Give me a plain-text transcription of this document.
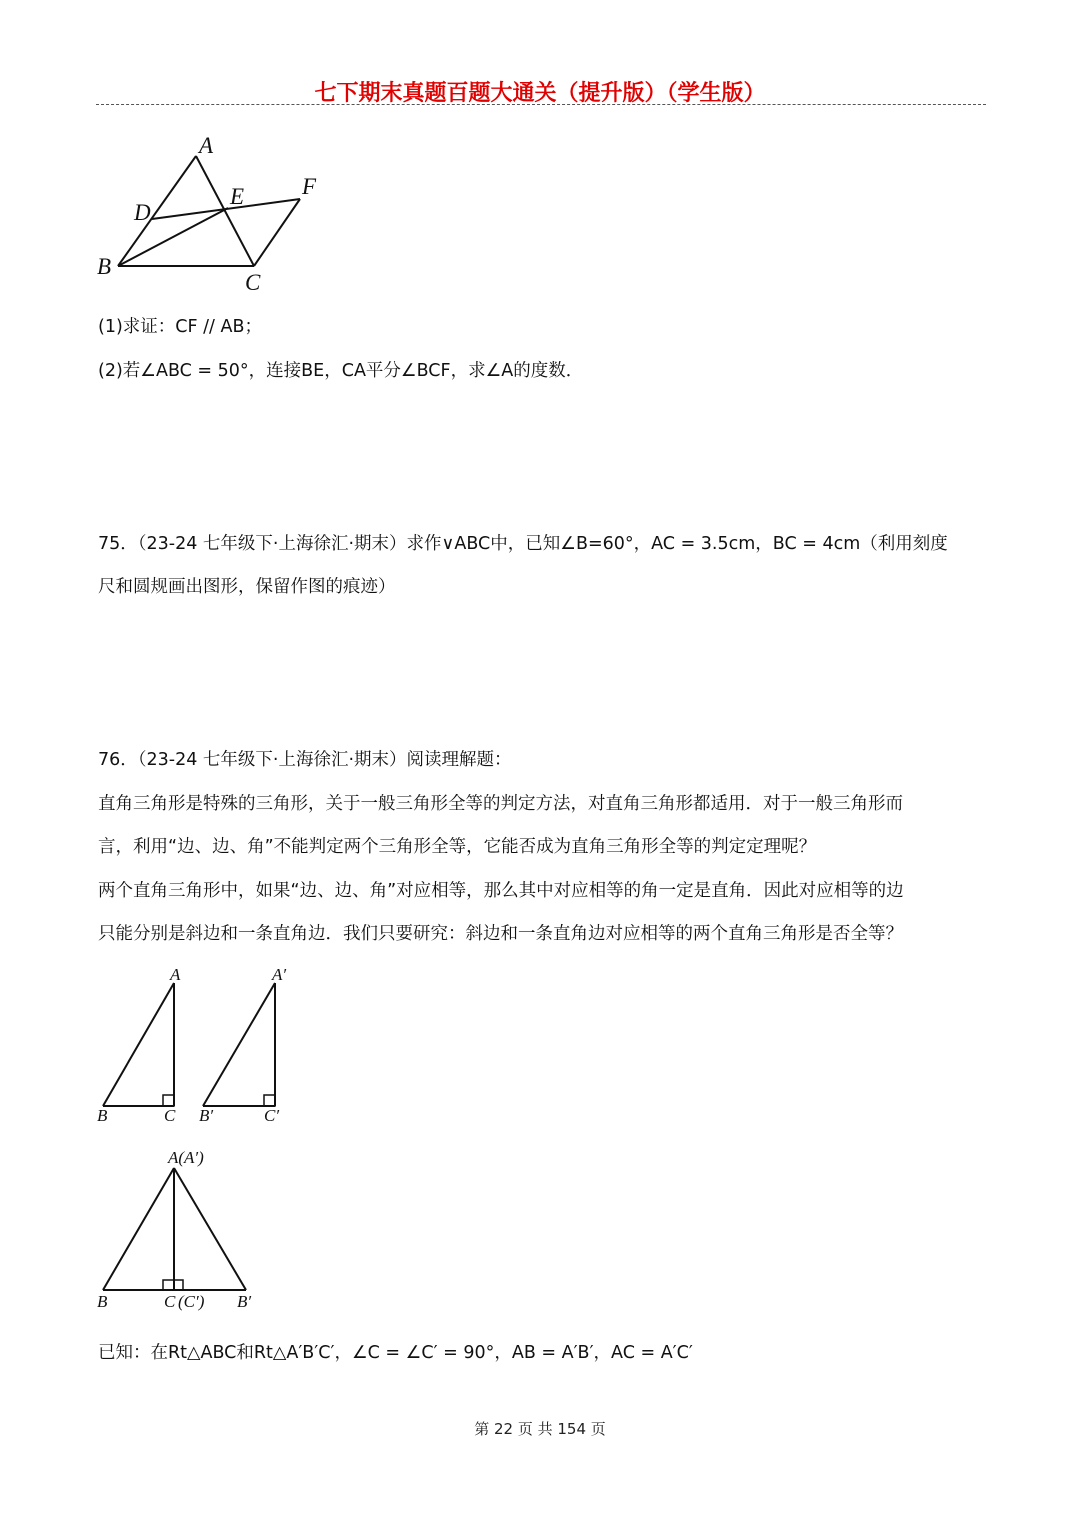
七下期末真题百题大通关（提升版）（学生版）
A
D
E	F
B
C
(1)求证：CF // AB；
(2)若∠ABC = 50°，连接BE，CA平分∠BCF，求∠A的度数．
75．（23-24 七年级下·上海徐汇·期末）求作∨ABC中，已知∠B=60°，AC = 3.5cm，BC = 4cm（利用刻度
尺和圆规画出图形，保留作图的痕迹）
76．（23-24 七年级下·上海徐汇·期末）阅读理解题：
直角三角形是特殊的三角形，关于一般三角形全等的判定方法，对直角三角形都适用．对于一般三角形而
言，利用“边、边、角”不能判定两个三角形全等，它能否成为直角三角形全等的判定定理呢？
两个直角三角形中，如果“边、边、角”对应相等，那么其中对应相等的角一定是直角．因此对应相等的边
只能分别是斜边和一条直角边．我们只要研究：斜边和一条直角边对应相等的两个直角三角形是否全等？
A
B	C
A′
B′	C′
A(A′)
B	C (C′) B′
已知：在Rt△ABC和Rt△A′B′C′，∠C = ∠C′ = 90°，AB = A′B′，AC = A′C′
第 22 页 共 154 页
